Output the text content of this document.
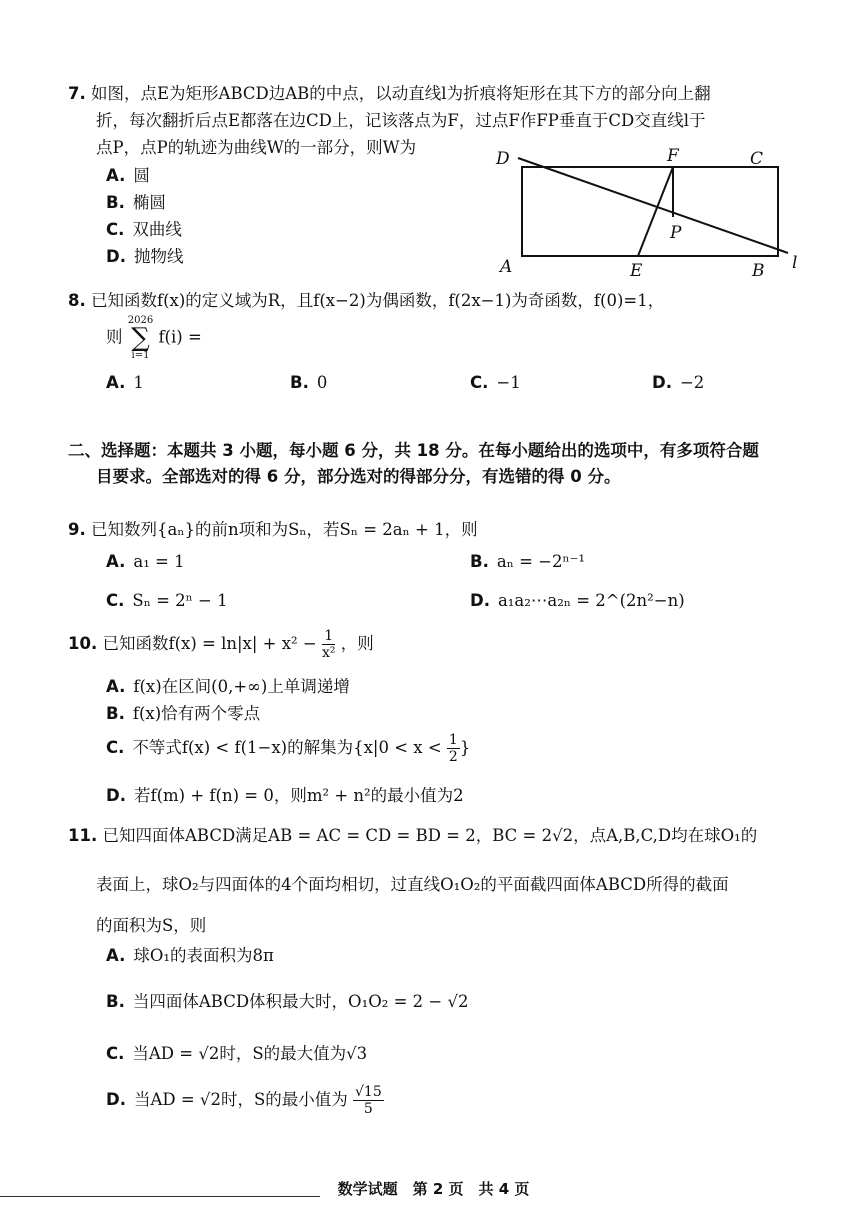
7. 如图，点E为矩形ABCD边AB的中点，以动直线l为折痕将矩形在其下方的部分向上翻
折，每次翻折后点E都落在边CD上，记该落点为F，过点F作FP垂直于CD交直线l于
点P，点P的轨迹为曲线W的一部分，则W为
A. 圆
B. 椭圆
C. 双曲线
D. 抛物线
D	F	C
P
A	E	B l
8. 已知函数f(x)的定义域为R，且f(x−2)为偶函数，f(2x−1)为奇函数，f(0)=1，
则
2026
∑
i=1
f(i) =
A. 1	B. 0	C. −1	D. −2
二、选择题：本题共 3 小题，每小题 6 分，共 18 分。在每小题给出的选项中，有多项符合题
目要求。全部选对的得 6 分，部分选对的得部分分，有选错的得 0 分。
9. 已知数列{aₙ}的前n项和为Sₙ，若Sₙ = 2aₙ + 1，则
A. a₁ = 1	B. aₙ = −2ⁿ⁻¹
C. Sₙ = 2ⁿ − 1	D. a₁a₂⋯a₂ₙ = 2^(2n²−n)
10. 已知函数$f(x) = \ln|x| + x^2 - \frac{1}{\text{x²}}$ ，则
A. f(x)在区间(0,+∞)上单调递增
B. f(x)恰有两个零点
C. 不等式f(x) < f(1−x)的解集为{$x|0 < x < \frac{1}{2}$ }
D. 若f(m) + f(n) = 0，则m² + n²的最小值为2
11. 已知四面体ABCD满足AB = AC = CD = BD = 2，BC = 2√2，点A,B,C,D均在球O₁的
表面上，球O₂与四面体的4个面均相切，过直线O₁O₂的平面截四面体ABCD所得的截面
的面积为S，则
A. 球O₁的表面积为8π
B. 当四面体ABCD体积最大时，O₁O₂ = 2 − √2
C. 当AD = √2时，S的最大值为√3
D. 当AD = √2时，S的最小值为 $\frac{√15}{5}$
数学试题　第 2 页　共 4 页
